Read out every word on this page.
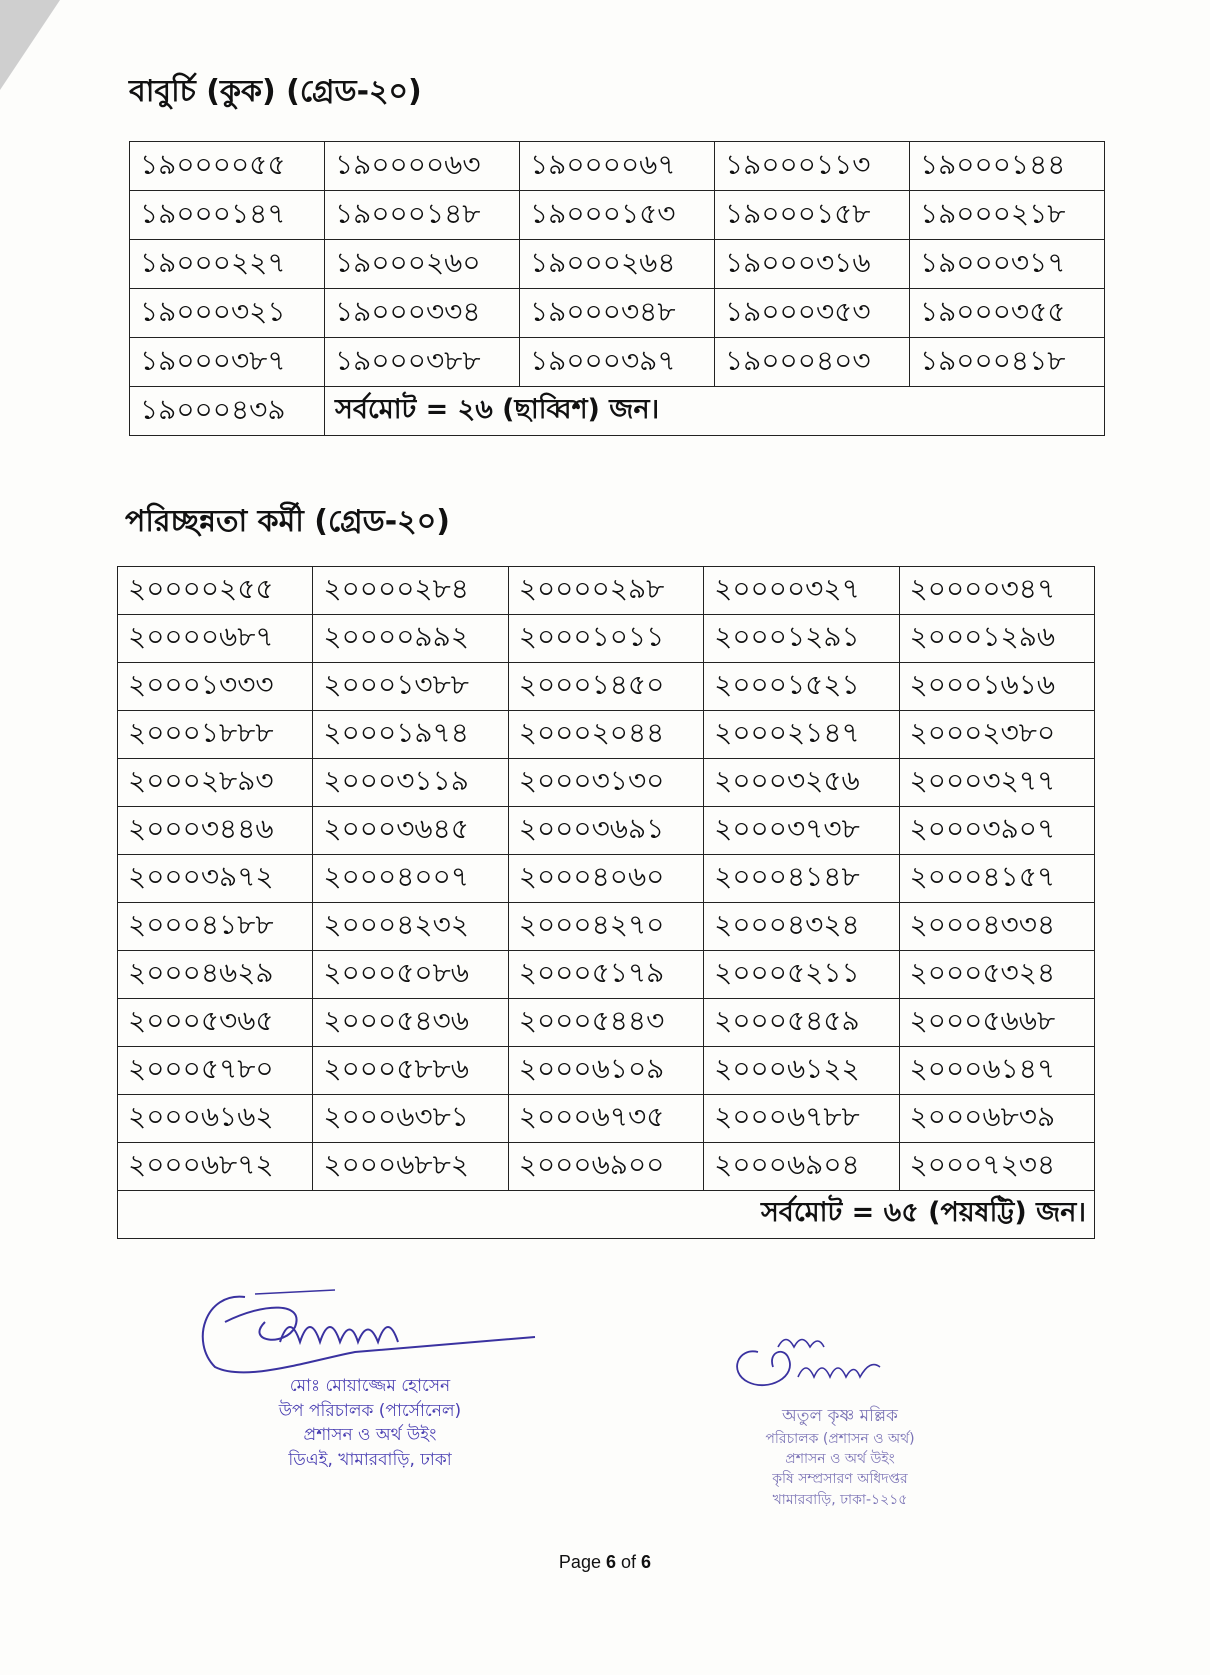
বাবুর্চি (কুক) (গ্রেড-২০)
১৯০০০০৫৫	১৯০০০০৬৩	১৯০০০০৬৭	১৯০০০১১৩	১৯০০০১৪৪
১৯০০০১৪৭	১৯০০০১৪৮	১৯০০০১৫৩	১৯০০০১৫৮	১৯০০০২১৮
১৯০০০২২৭	১৯০০০২৬০	১৯০০০২৬৪	১৯০০০৩১৬	১৯০০০৩১৭
১৯০০০৩২১	১৯০০০৩৩৪	১৯০০০৩৪৮	১৯০০০৩৫৩	১৯০০০৩৫৫
১৯০০০৩৮৭	১৯০০০৩৮৮	১৯০০০৩৯৭	১৯০০০৪০৩	১৯০০০৪১৮
১৯০০০৪৩৯	সর্বমোট = ২৬ (ছাব্বিশ) জন।			
পরিচ্ছন্নতা কর্মী (গ্রেড-২০)
২০০০০২৫৫	২০০০০২৮৪	২০০০০২৯৮	২০০০০৩২৭	২০০০০৩৪৭
২০০০০৬৮৭	২০০০০৯৯২	২০০০১০১১	২০০০১২৯১	২০০০১২৯৬
২০০০১৩৩৩	২০০০১৩৮৮	২০০০১৪৫০	২০০০১৫২১	২০০০১৬১৬
২০০০১৮৮৮	২০০০১৯৭৪	২০০০২০৪৪	২০০০২১৪৭	২০০০২৩৮০
২০০০২৮৯৩	২০০০৩১১৯	২০০০৩১৩০	২০০০৩২৫৬	২০০০৩২৭৭
২০০০৩৪৪৬	২০০০৩৬৪৫	২০০০৩৬৯১	২০০০৩৭৩৮	২০০০৩৯০৭
২০০০৩৯৭২	২০০০৪০০৭	২০০০৪০৬০	২০০০৪১৪৮	২০০০৪১৫৭
২০০০৪১৮৮	২০০০৪২৩২	২০০০৪২৭০	২০০০৪৩২৪	২০০০৪৩৩৪
২০০০৪৬২৯	২০০০৫০৮৬	২০০০৫১৭৯	২০০০৫২১১	২০০০৫৩২৪
২০০০৫৩৬৫	২০০০৫৪৩৬	২০০০৫৪৪৩	২০০০৫৪৫৯	২০০০৫৬৬৮
২০০০৫৭৮০	২০০০৫৮৮৬	২০০০৬১০৯	২০০০৬১২২	২০০০৬১৪৭
২০০০৬১৬২	২০০০৬৩৮১	২০০০৬৭৩৫	২০০০৬৭৮৮	২০০০৬৮৩৯
২০০০৬৮৭২	২০০০৬৮৮২	২০০০৬৯০০	২০০০৬৯০৪	২০০০৭২৩৪
সর্বমোট = ৬৫ (পয়ষট্টি) জন।				
মোঃ মোয়াজ্জেম হোসেন
উপ পরিচালক (পার্সোনেল)
প্রশাসন ও অর্থ উইং
ডিএই, খামারবাড়ি, ঢাকা
অতুল কৃষ্ণ মল্লিক
পরিচালক (প্রশাসন ও অর্থ)
প্রশাসন ও অর্থ উইং
কৃষি সম্প্রসারণ অধিদপ্তর
খামারবাড়ি, ঢাকা-১২১৫
Page 6 of 6
